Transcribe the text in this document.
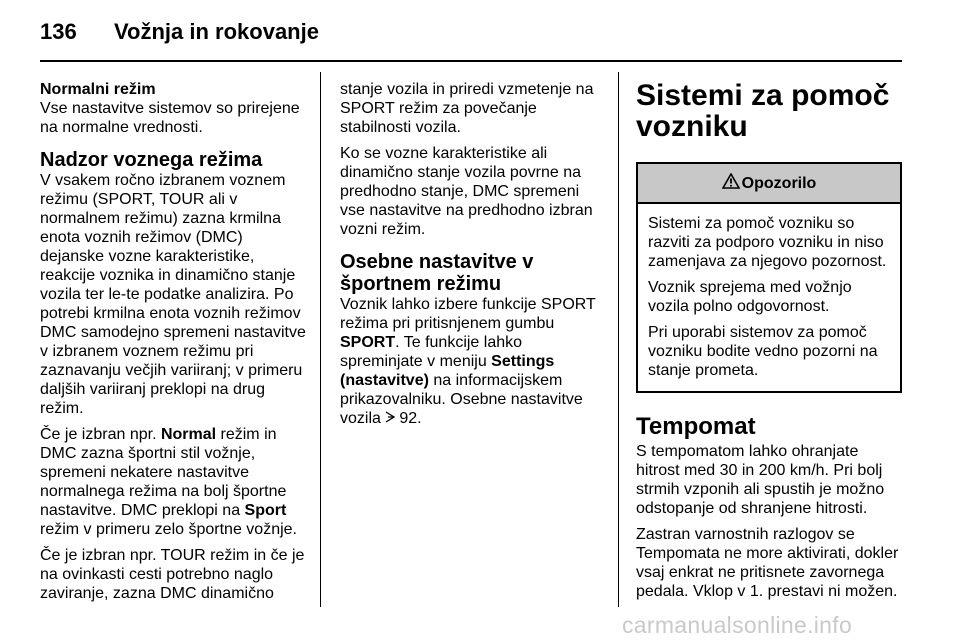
136	Vožnja in rokovanje
Normalni režim

Vse nastavitve sistemov so prirejene na normalne vrednosti.

Nadzor voznega režima

V vsakem ročno izbranem voznem režimu (SPORT, TOUR ali v normalnem režimu) zazna krmilna enota voznih režimov (DMC) dejanske vozne karakteristike, reakcije voznika in dinamično stanje vozila ter le-te podatke analizira. Po potrebi krmilna enota voznih režimov DMC samodejno spremeni nastavitve v izbranem voznem režimu pri zaznavanju večjih variiranj; v primeru daljših variiranj preklopi na drug režim.

Če je izbran npr. Normal režim in DMC zazna športni stil vožnje, spremeni nekatere nastavitve normalnega režima na bolj športne nastavitve. DMC preklopi na Sport režim v primeru zelo športne vožnje.

Če je izbran npr. TOUR režim in če je na ovinkasti cesti potrebno naglo zaviranje, zazna DMC dinamično

stanje vozila in priredi vzmetenje na SPORT režim za povečanje stabilnosti vozila.

Ko se vozne karakteristike ali dinamično stanje vozila povrne na predhodno stanje, DMC spremeni vse nastavitve na predhodno izbran vozni režim.

Osebne nastavitve v športnem režimu

Voznik lahko izbere funkcije SPORT režima pri pritisnjenem gumbu SPORT. Te funkcije lahko spreminjate v meniju Settings (nastavitve) na informacijskem prikazovalniku. Osebne nastavitve vozila 92.

Sistemi za pomoč vozniku
Opozorilo

Sistemi za pomoč vozniku so razviti za podporo vozniku in niso zamenjava za njegovo pozornost.

Voznik sprejema med vožnjo vozila polno odgovornost.

Pri uporabi sistemov za pomoč vozniku bodite vedno pozorni na stanje prometa.

Tempomat

S tempomatom lahko ohranjate hitrost med 30 in 200 km/h. Pri bolj strmih vzponih ali spustih je možno odstopanje od shranjene hitrosti.

Zastran varnostnih razlogov se Tempomata ne more aktivirati, dokler vsaj enkrat ne pritisnete zavornega pedala. Vklop v 1. prestavi ni možen.

carmanualsonline.info
